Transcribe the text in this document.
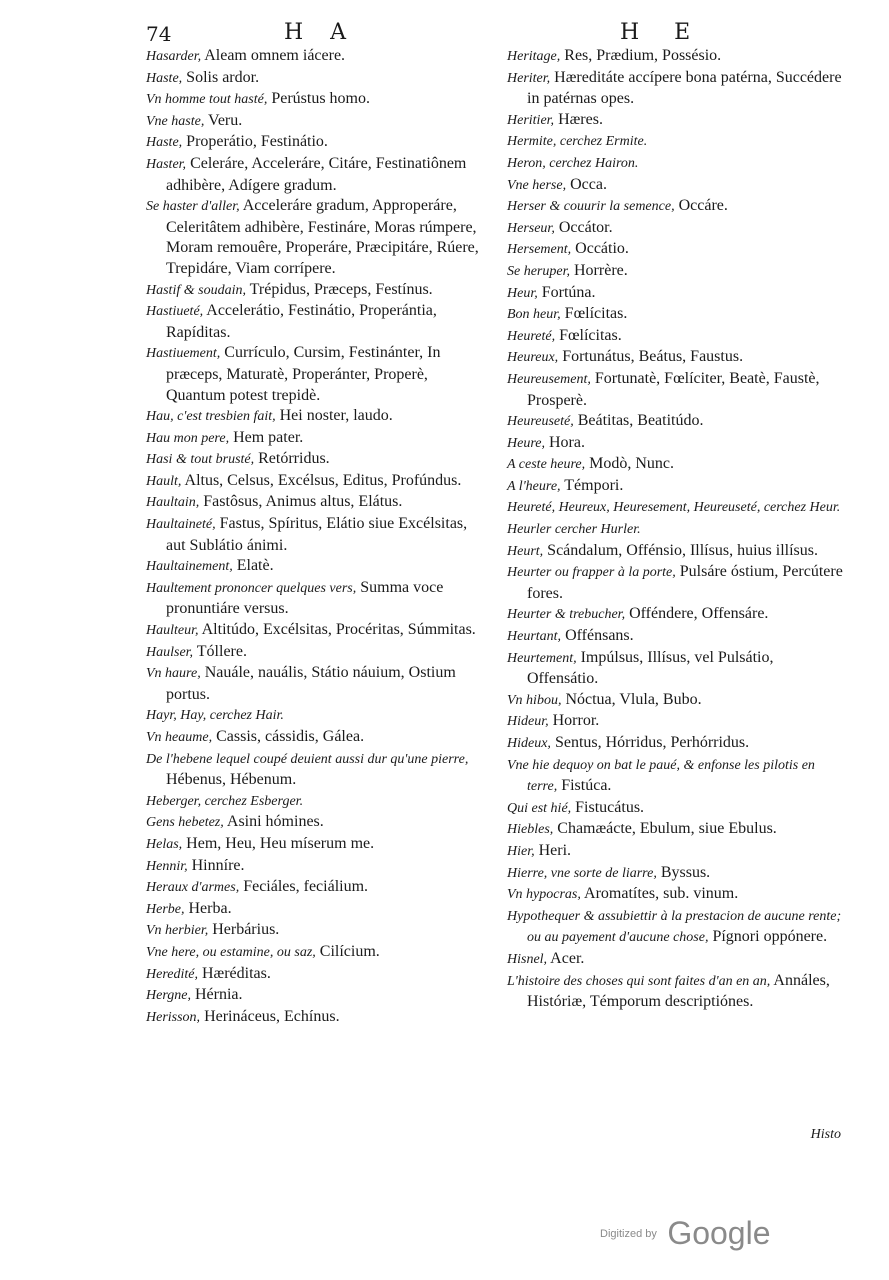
74	H A	H E

Hasarder, Aleam omnem iácere.

Haste, Solis ardor.

Vn homme tout hasté, Perústus homo.

Vne haste, Veru.

Haste, Properátio, Festinátio.

Haster, Celeráre, Acceleráre, Citáre, Festinatiônem adhibère, Adígere gradum.

Se haster d'aller, Acceleráre gradum, Approperáre, Celeritâtem adhibère, Festináre, Moras rúmpere, Moram remouêre, Properáre, Præcipitáre, Rúere, Trepidáre, Viam corrípere.

Hastif & soudain, Trépidus, Præceps, Festínus.

Hastiueté, Accelerátio, Festinátio, Properántia, Rapíditas.

Hastiuement, Currículo, Cursim, Festinánter, In præceps, Maturatè, Properánter, Properè, Quantum potest trepidè.

Hau, c'est tresbien fait, Hei noster, laudo.

Hau mon pere, Hem pater.

Hasi & tout brusté, Retórridus.

Hault, Altus, Celsus, Excélsus, Editus, Profúndus.

Haultain, Fastôsus, Animus altus, Elátus.

Haultaineté, Fastus, Spíritus, Elátio siue Excélsitas, aut Sublátio ánimi.

Haultainement, Elatè.

Haultement prononcer quelques vers, Summa voce pronuntiáre versus.

Haulteur, Altitúdo, Excélsitas, Procéritas, Súmmitas.

Haulser, Tóllere.

Vn haure, Nauále, nauális, Státio náuium, Ostium portus.

Hayr, Hay, cerchez Hair.

Vn heaume, Cassis, cássidis, Gálea.

De l'hebene lequel coupé deuient aussi dur qu'une pierre, Hébenus, Hébenum.

Heberger, cerchez Esberger.

Gens hebetez, Asini hómines.

Helas, Hem, Heu, Heu míserum me.

Hennir, Hinníre.

Heraux d'armes, Feciáles, feciálium.

Herbe, Herba.

Vn herbier, Herbárius.

Vne here, ou estamine, ou saz, Cilícium.

Heredité, Hæréditas.

Hergne, Hérnia.

Herisson, Herináceus, Echínus.

Heritage, Res, Prædium, Possésio.

Heriter, Hæreditáte accípere bona patérna, Succédere in patérnas opes.

Heritier, Hæres.

Hermite, cerchez Ermite.

Heron, cerchez Hairon.

Vne herse, Occa.

Herser & couurir la semence, Occáre.

Herseur, Occátor.

Hersement, Occátio.

Se heruper, Horrère.

Heur, Fortúna.

Bon heur, Fœlícitas.

Heureté, Fœlícitas.

Heureux, Fortunátus, Beátus, Faustus.

Heureusement, Fortunatè, Fœlíciter, Beatè, Faustè, Prosperè.

Heureuseté, Beátitas, Beatitúdo.

Heure, Hora.

A ceste heure, Modò, Nunc.

A l'heure, Témpori.

Heureté, Heureux, Heuresement, Heureuseté, cerchez Heur.

Heurler cercher Hurler.

Heurt, Scándalum, Offénsio, Illísus, huius illísus.

Heurter ou frapper à la porte, Pulsáre óstium, Percútere fores.

Heurter & trebucher, Offéndere, Offensáre.

Heurtant, Offénsans.

Heurtement, Impúlsus, Illísus, vel Pulsátio, Offensátio.

Vn hibou, Nóctua, Vlula, Bubo.

Hideur, Horror.

Hideux, Sentus, Hórridus, Perhórridus.

Vne hie dequoy on bat le paué, & enfonse les pilotis en terre, Fistúca.

Qui est hié, Fistucátus.

Hiebles, Chamæácte, Ebulum, siue Ebulus.

Hier, Heri.

Hierre, vne sorte de liarre, Byssus.

Vn hypocras, Aromatítes, sub. vinum.

Hypothequer & assubiettir à la prestacion de aucune rente; ou au payement d'aucune chose, Pígnori oppónere.

Hisnel, Acer.

L'histoire des choses qui sont faites d'an en an, Annáles, Históriæ, Témporum descriptiónes.

Histo
Digitized by Google
